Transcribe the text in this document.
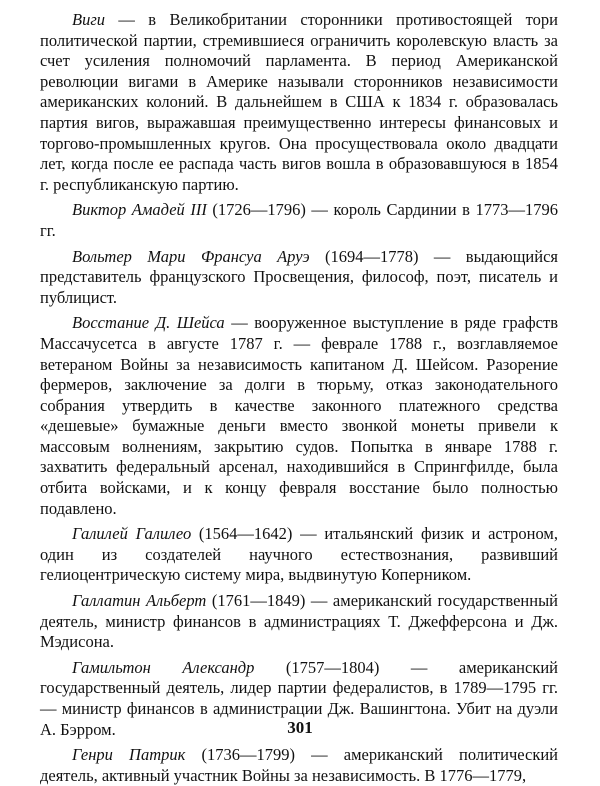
Виги — в Великобритании сторонники противостоящей тори политической партии, стремившиеся ограничить королевскую власть за счет усиления полномочий парламента. В период Американской революции вигами в Америке называли сторонников независимости американских колоний. В дальнейшем в США к 1834 г. образовалась партия вигов, выражавшая преимущественно интересы финансовых и торгово-промышленных кругов. Она просуществовала около двадцати лет, когда после ее распада часть вигов вошла в образовавшуюся в 1854 г. республиканскую партию.

Виктор Амадей III (1726—1796) — король Сардинии в 1773—1796 гг.

Вольтер Мари Франсуа Аруэ (1694—1778) — выдающийся представитель французского Просвещения, философ, поэт, писатель и публицист.

Восстание Д. Шейса — вооруженное выступление в ряде графств Массачусетса в августе 1787 г. — феврале 1788 г., возглавляемое ветераном Войны за независимость капитаном Д. Шейсом. Разорение фермеров, заключение за долги в тюрьму, отказ законодательного собрания утвердить в качестве законного платежного средства «дешевые» бумажные деньги вместо звонкой монеты привели к массовым волнениям, закрытию судов. Попытка в январе 1788 г. захватить федеральный арсенал, находившийся в Спрингфилде, была отбита войсками, и к концу февраля восстание было полностью подавлено.

Галилей Галилео (1564—1642) — итальянский физик и астроном, один из создателей научного естествознания, развивший гелиоцентрическую систему мира, выдвинутую Коперником.

Галлатин Альберт (1761—1849) — американский государственный деятель, министр финансов в администрациях Т. Джефферсона и Дж. Мэдисона.

Гамильтон Александр (1757—1804) — американский государственный деятель, лидер партии федералистов, в 1789—1795 гг. — министр финансов в администрации Дж. Вашингтона. Убит на дуэли А. Бэрром.

Генри Патрик (1736—1799) — американский политический деятель, активный участник Войны за независимость. В 1776—1779,

301
